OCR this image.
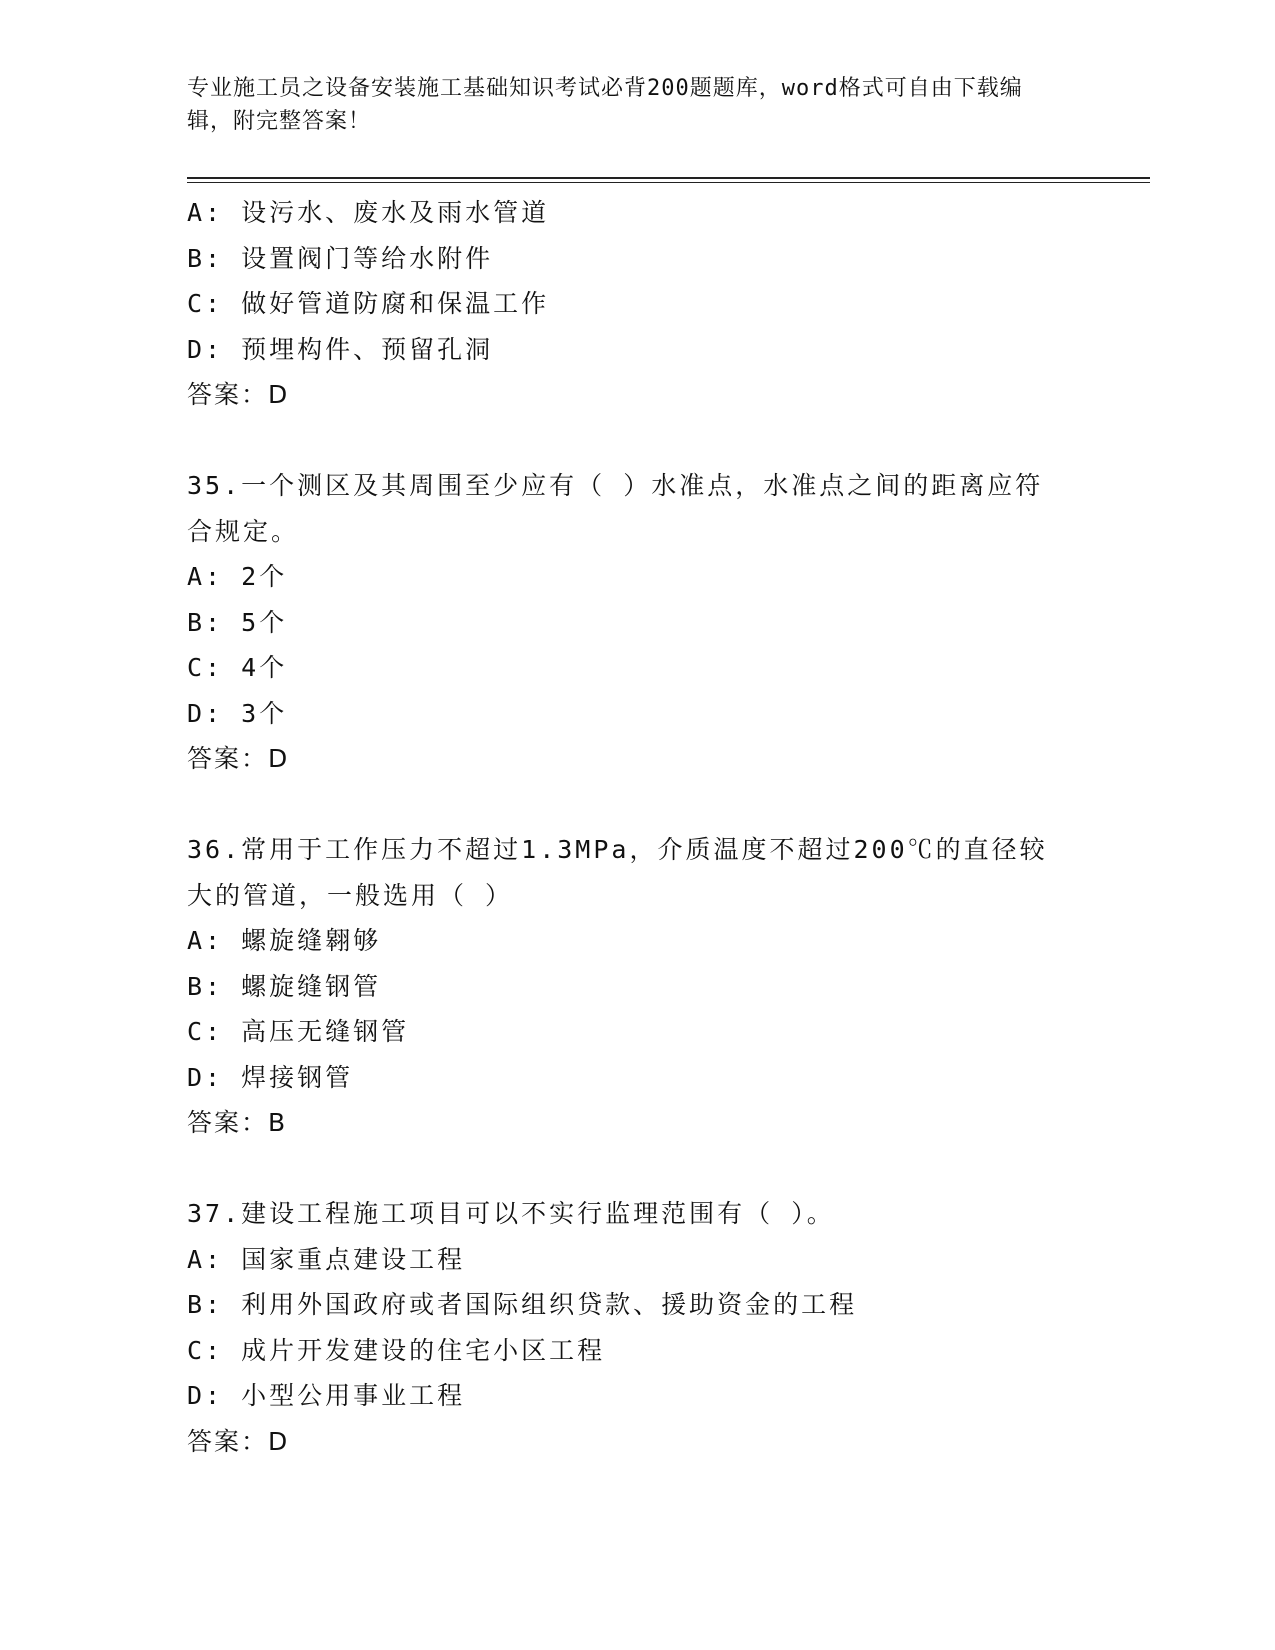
专业施工员之设备安装施工基础知识考试必背200题题库，word格式可自由下载编辑，附完整答案！
A: 设污水、废水及雨水管道
B: 设置阀门等给水附件
C: 做好管道防腐和保温工作
D: 预埋构件、预留孔洞
答案：D
35.一个测区及其周围至少应有（ ）水准点，水准点之间的距离应符合规定。
A: 2个
B: 5个
C: 4个
D: 3个
答案：D
36.常用于工作压力不超过1.3MPa，介质温度不超过200℃的直径较大的管道，一般选用（ ）
A: 螺旋缝翱够
B: 螺旋缝钢管
C: 高压无缝钢管
D: 焊接钢管
答案：B
37.建设工程施工项目可以不实行监理范围有（ ）。
A: 国家重点建设工程
B: 利用外国政府或者国际组织贷款、援助资金的工程
C: 成片开发建设的住宅小区工程
D: 小型公用事业工程
答案：D
